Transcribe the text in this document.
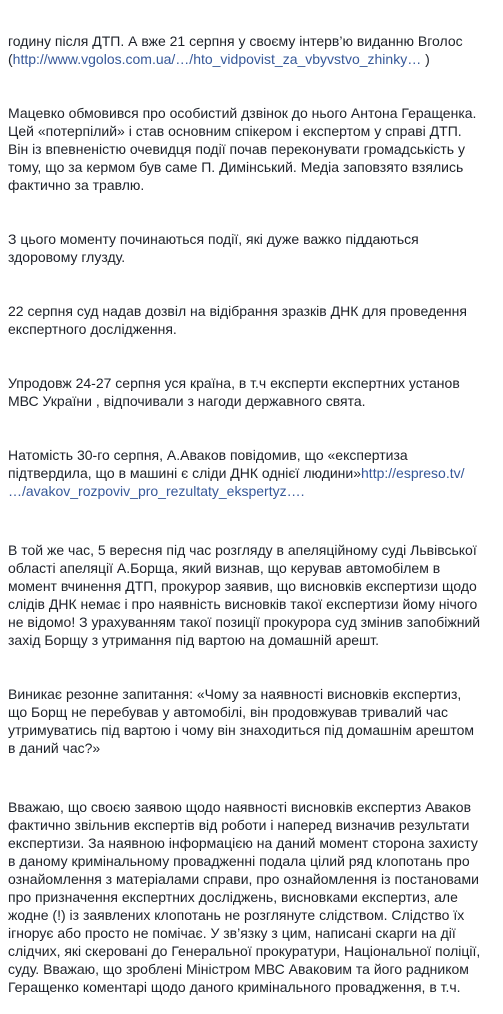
годину після ДТП. А вже 21 серпня у своєму інтерв’ю виданню Вголос
(http://www.vgolos.com.ua/…/hto_vidpovist_za_vbyvstvo_zhinky… )

Мацевко обмовився про особистий дзвінок до нього Антона Геращенка.
Цей «потерпілий» і став основним спікером і експертом у справі ДТП.
Він із впевненістю очевидця події почав переконувати громадськість у
тому, що за кермом був саме П. Димінський. Медіа заповзято взялись
фактично за травлю.

З цього моменту починаються події, які дуже важко піддаються
здоровому глузду.

22 серпня суд надав дозвіл на відібрання зразків ДНК для проведення
експертного дослідження.

Упродовж 24-27 серпня уся країна, в т.ч експерти експертних установ
МВС України , відпочивали з нагоди державного свята.

Натомість 30-го серпня, А.Аваков повідомив, що «експертиза
підтвердила, що в машині є сліди ДНК однієї людини»http://espreso.tv/
…/avakov_rozpoviv_pro_rezultaty_ekspertyz….

В той же час, 5 вересня під час розгляду в апеляційному суді Львівської
області апеляції А.Борща, який визнав, що керував автомобілем в
момент вчинення ДТП, прокурор заявив, що висновків експертизи щодо
слідів ДНК немає і про наявність висновків такої експертизи йому нічого
не відомо! З урахуванням такої позиції прокурора суд змінив запобіжний
захід Борщу з утримання під вартою на домашній арешт.

Виникає резонне запитання: «Чому за наявності висновків експертиз,
що Борщ не перебував у автомобілі, він продовжував тривалий час
утримуватись під вартою і чому він знаходиться під домашнім арештом
в даний час?»

Вважаю, що своєю заявою щодо наявності висновків експертиз Аваков
фактично звільнив експертів від роботи і наперед визначив результати
експертизи. За наявною інформацією на даний момент сторона захисту
в даному кримінальному провадженні подала цілий ряд клопотань про
ознайомлення з матеріалами справи, про ознайомлення із постановами
про призначення експертних досліджень, висновками експертиз, але
жодне (!) із заявлених клопотань не розглянуте слідством. Слідство їх
ігнорує або просто не помічає. У зв’язку з цим, написані скарги на дії
слідчих, які скеровані до Генеральної прокуратури, Національної поліції,
суду. Вважаю, що зроблені Міністром МВС Аваковим та його радником
Геращенко коментарі щодо даного кримінального провадження, в т.ч.
